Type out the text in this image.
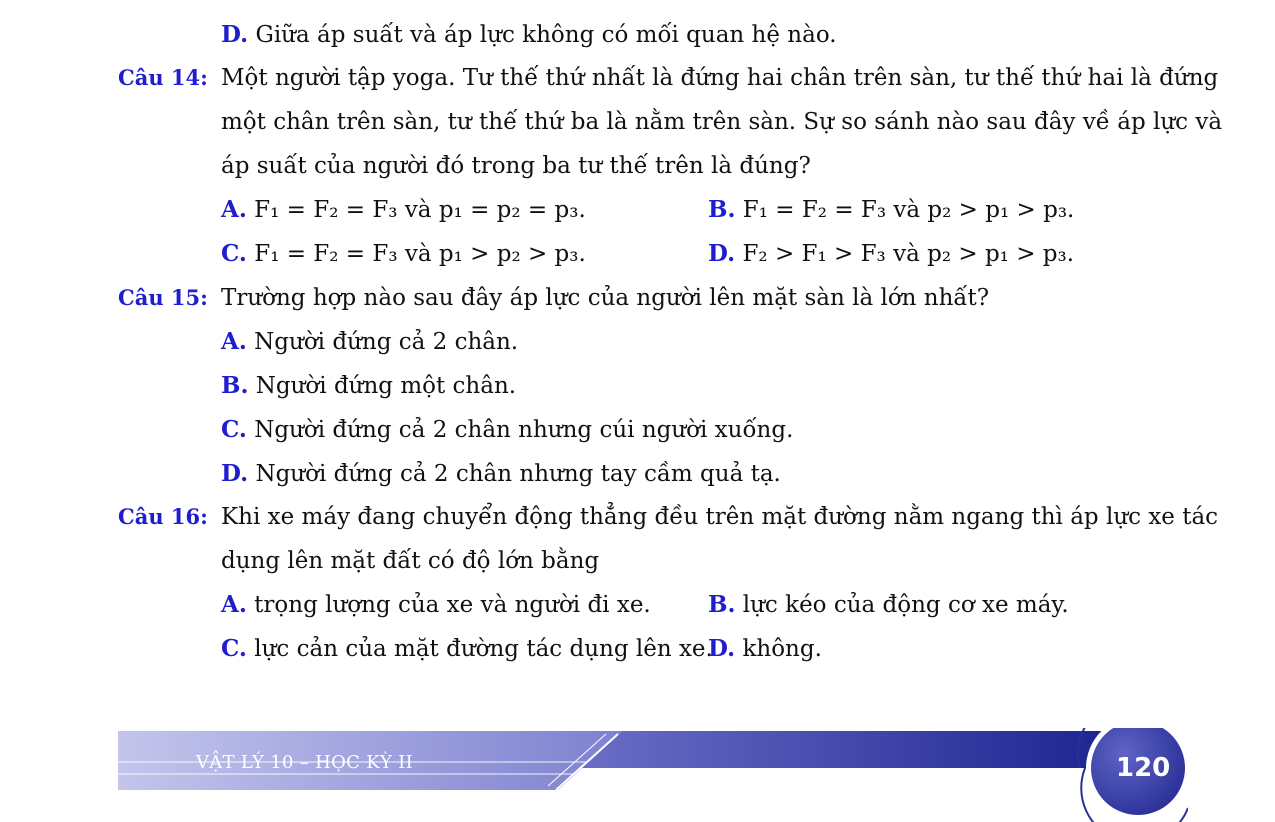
D. Giữa áp suất và áp lực không có mối quan hệ nào.
Câu 14: Một người tập yoga. Tư thế thứ nhất là đứng hai chân trên sàn, tư thế thứ hai là đứng
một chân trên sàn, tư thế thứ ba là nằm trên sàn. Sự so sánh nào sau đây về áp lực và
áp suất của người đó trong ba tư thế trên là đúng?
A. F₁ = F₂ = F₃ và p₁ = p₂ = p₃.	B. F₁ = F₂ = F₃ và p₂ > p₁ > p₃.
C. F₁ = F₂ = F₃ và p₁ > p₂ > p₃.	D. F₂ > F₁ > F₃ và p₂ > p₁ > p₃.
Câu 15: Trường hợp nào sau đây áp lực của người lên mặt sàn là lớn nhất?
A. Người đứng cả 2 chân.
B. Người đứng một chân.
C. Người đứng cả 2 chân nhưng cúi người xuống.
D. Người đứng cả 2 chân nhưng tay cầm quả tạ.
Câu 16: Khi xe máy đang chuyển động thẳng đều trên mặt đường nằm ngang thì áp lực xe tác
dụng lên mặt đất có độ lớn bằng
A. trọng lượng của xe và người đi xe. B. lực kéo của động cơ xe máy.
C. lực cản của mặt đường tác dụng lên xe.
D. không.
VẬT LÝ 10 – HỌC KỲ II	120
